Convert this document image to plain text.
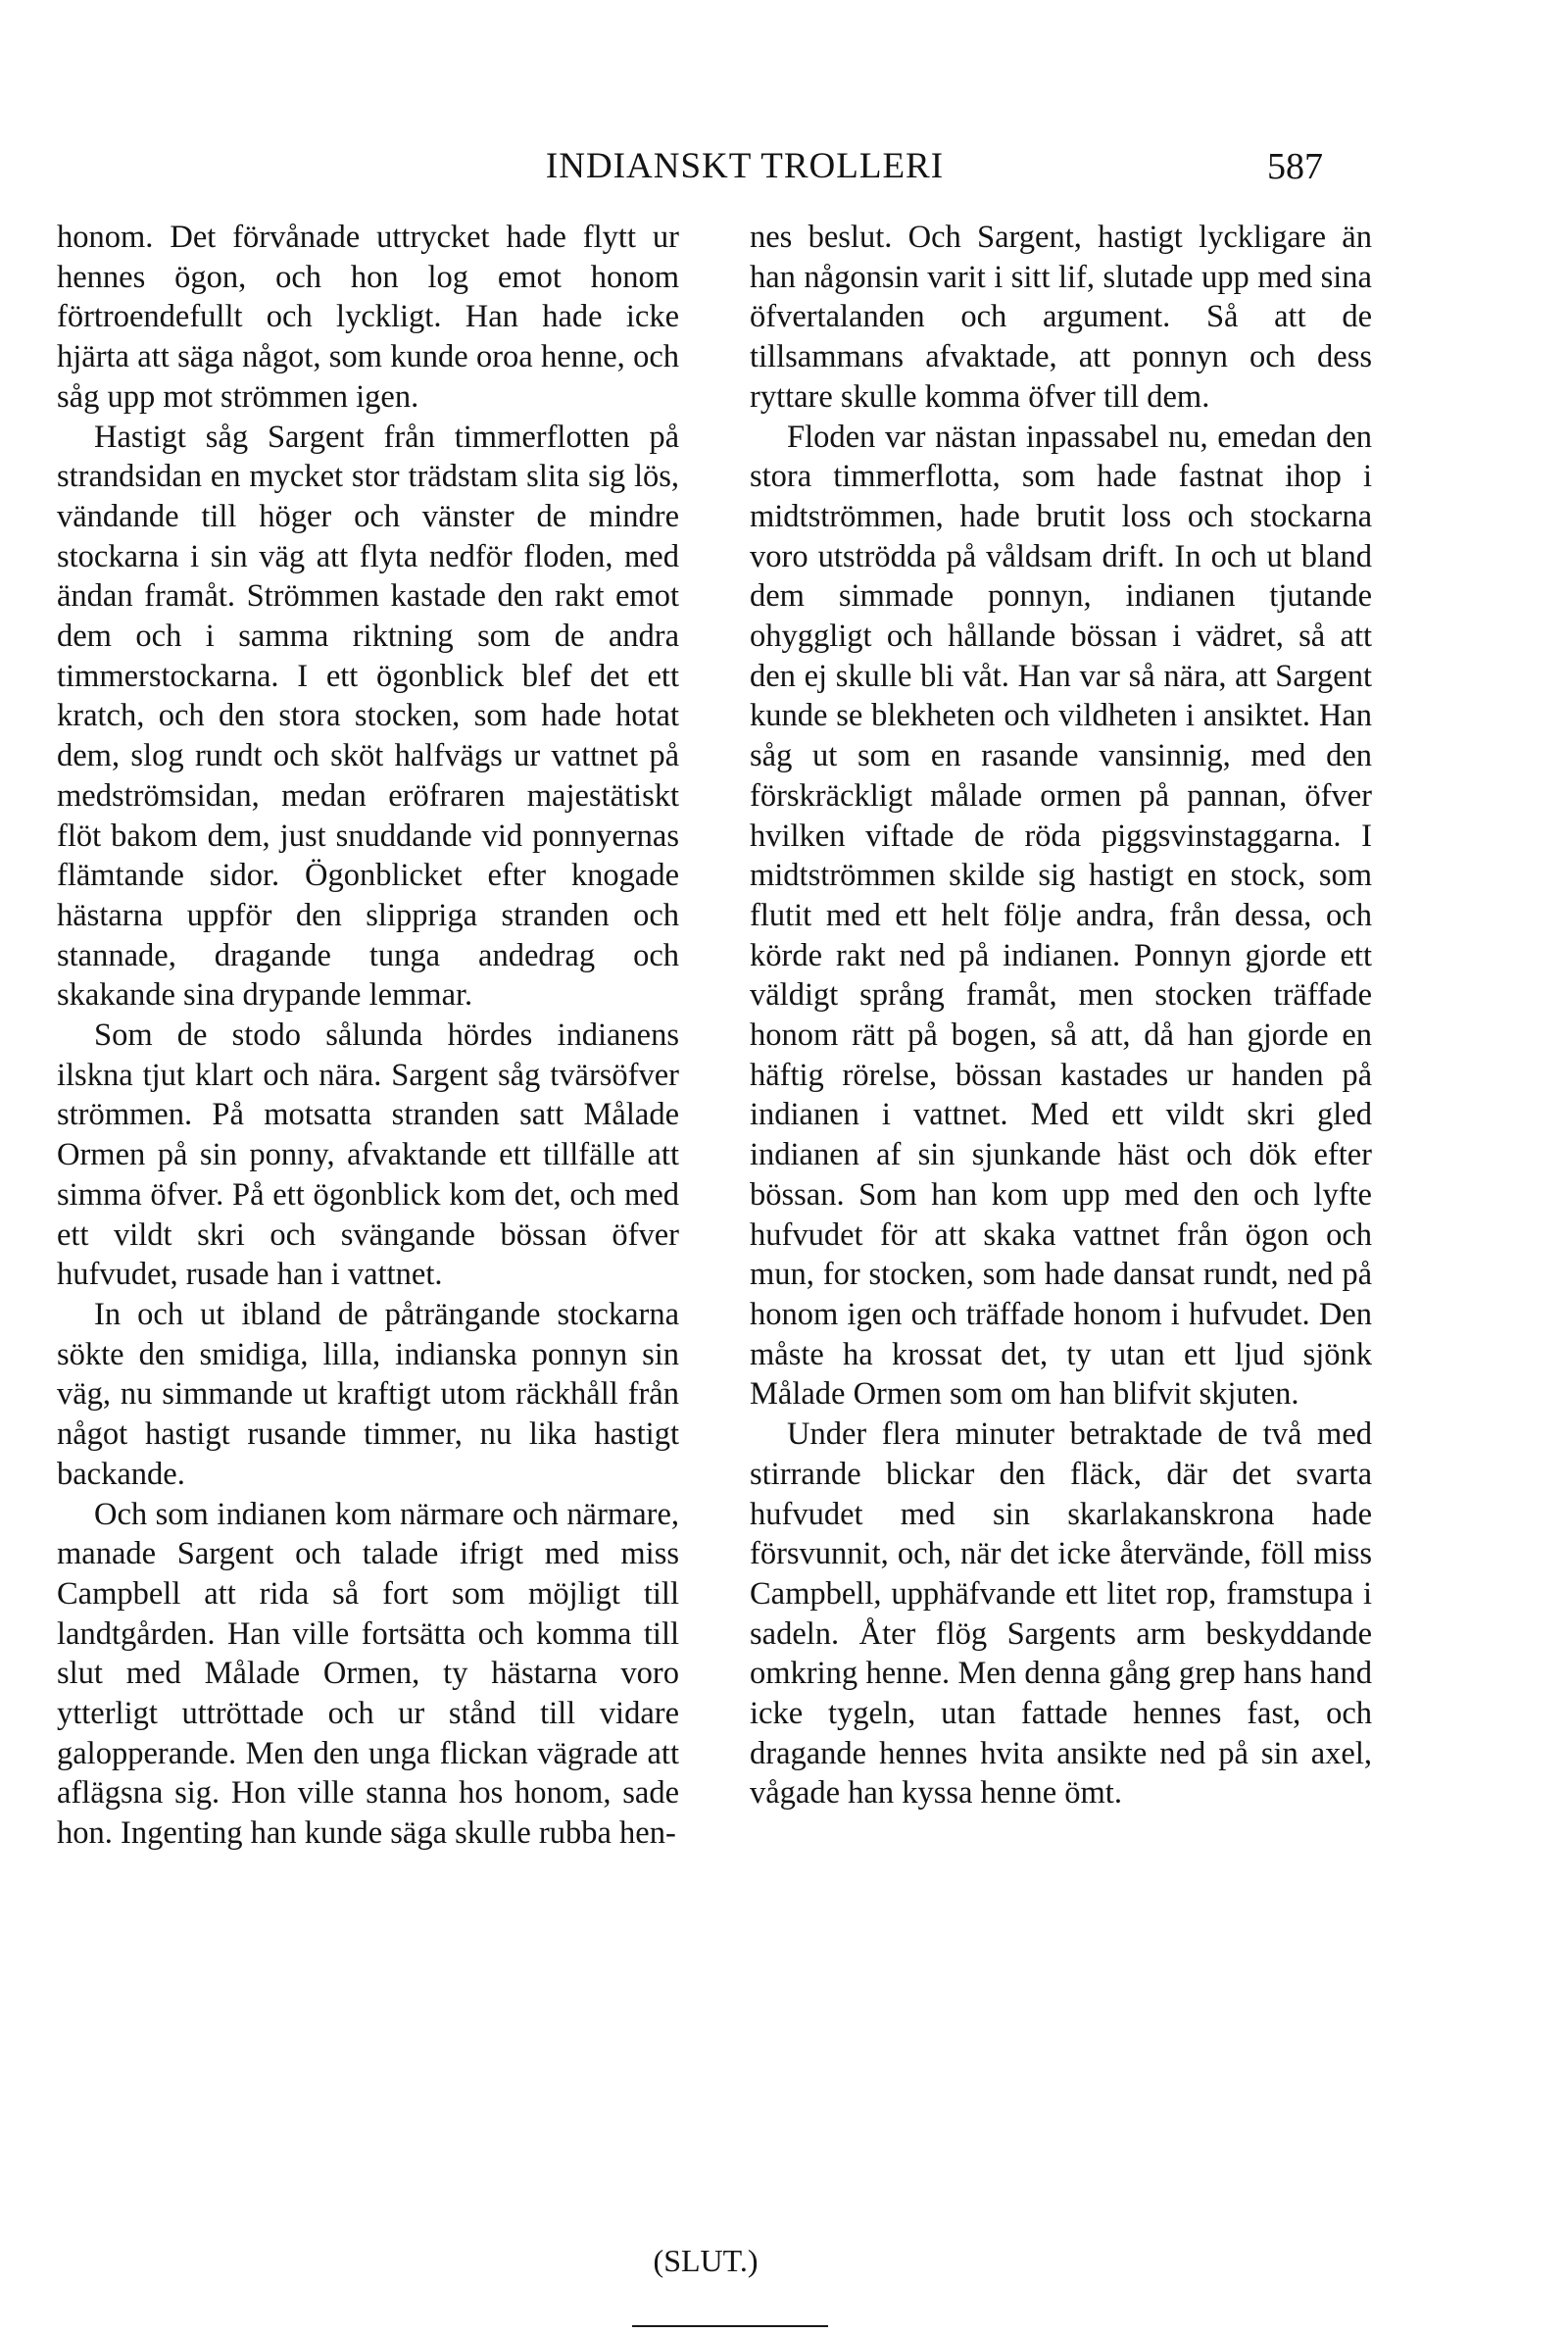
INDIANSKT TROLLERI	587

honom. Det förvånade uttrycket hade flytt ur hennes ögon, och hon log emot honom förtroendefullt och lyckligt. Han hade icke hjärta att säga något, som kunde oroa henne, och såg upp mot strömmen igen.

Hastigt såg Sargent från timmerflotten på strandsidan en mycket stor trädstam slita sig lös, vändande till höger och vänster de mindre stockarna i sin väg att flyta nedför floden, med ändan framåt. Strömmen kastade den rakt emot dem och i samma riktning som de andra timmerstockarna. I ett ögonblick blef det ett kratch, och den stora stocken, som hade hotat dem, slog rundt och sköt halfvägs ur vattnet på medströmsidan, medan eröfraren majestätiskt flöt bakom dem, just snuddande vid ponnyernas flämtande sidor. Ögonblicket efter knogade hästarna uppför den slippriga stranden och stannade, dragande tunga andedrag och skakande sina drypande lemmar.

Som de stodo sålunda hördes indianens ilskna tjut klart och nära. Sargent såg tvärsöfver strömmen. På motsatta stranden satt Målade Ormen på sin ponny, afvaktande ett tillfälle att simma öfver. På ett ögonblick kom det, och med ett vildt skri och svängande bössan öfver hufvudet, rusade han i vattnet.

In och ut ibland de påträngande stockarna sökte den smidiga, lilla, indianska ponnyn sin väg, nu simmande ut kraftigt utom räckhåll från något hastigt rusande timmer, nu lika hastigt backande.

Och som indianen kom närmare och närmare, manade Sargent och talade ifrigt med miss Campbell att rida så fort som möjligt till landtgården. Han ville fortsätta och komma till slut med Målade Ormen, ty hästarna voro ytterligt uttröttade och ur stånd till vidare galopperande. Men den unga flickan vägrade att aflägsna sig. Hon ville stanna hos honom, sade hon. Ingenting han kunde säga skulle rubba hen-

nes beslut. Och Sargent, hastigt lyckligare än han någonsin varit i sitt lif, slutade upp med sina öfvertalanden och argument. Så att de tillsammans afvaktade, att ponnyn och dess ryttare skulle komma öfver till dem.

Floden var nästan inpassabel nu, emedan den stora timmerflotta, som hade fastnat ihop i midtströmmen, hade brutit loss och stockarna voro utströdda på våldsam drift. In och ut bland dem simmade ponnyn, indianen tjutande ohyggligt och hållande bössan i vädret, så att den ej skulle bli våt. Han var så nära, att Sargent kunde se blekheten och vildheten i ansiktet. Han såg ut som en rasande vansinnig, med den förskräckligt målade ormen på pannan, öfver hvilken viftade de röda piggsvinstaggarna. I midtströmmen skilde sig hastigt en stock, som flutit med ett helt följe andra, från dessa, och körde rakt ned på indianen. Ponnyn gjorde ett väldigt språng framåt, men stocken träffade honom rätt på bogen, så att, då han gjorde en häftig rörelse, bössan kastades ur handen på indianen i vattnet. Med ett vildt skri gled indianen af sin sjunkande häst och dök efter bössan. Som han kom upp med den och lyfte hufvudet för att skaka vattnet från ögon och mun, for stocken, som hade dansat rundt, ned på honom igen och träffade honom i hufvudet. Den måste ha krossat det, ty utan ett ljud sjönk Målade Ormen som om han blifvit skjuten.

Under flera minuter betraktade de två med stirrande blickar den fläck, där det svarta hufvudet med sin skarlakanskrona hade försvunnit, och, när det icke återvände, föll miss Campbell, upphäfvande ett litet rop, framstupa i sadeln. Åter flög Sargents arm beskyddande omkring henne. Men denna gång grep hans hand icke tygeln, utan fattade hennes fast, och dragande hennes hvita ansikte ned på sin axel, vågade han kyssa henne ömt.

(SLUT.)
